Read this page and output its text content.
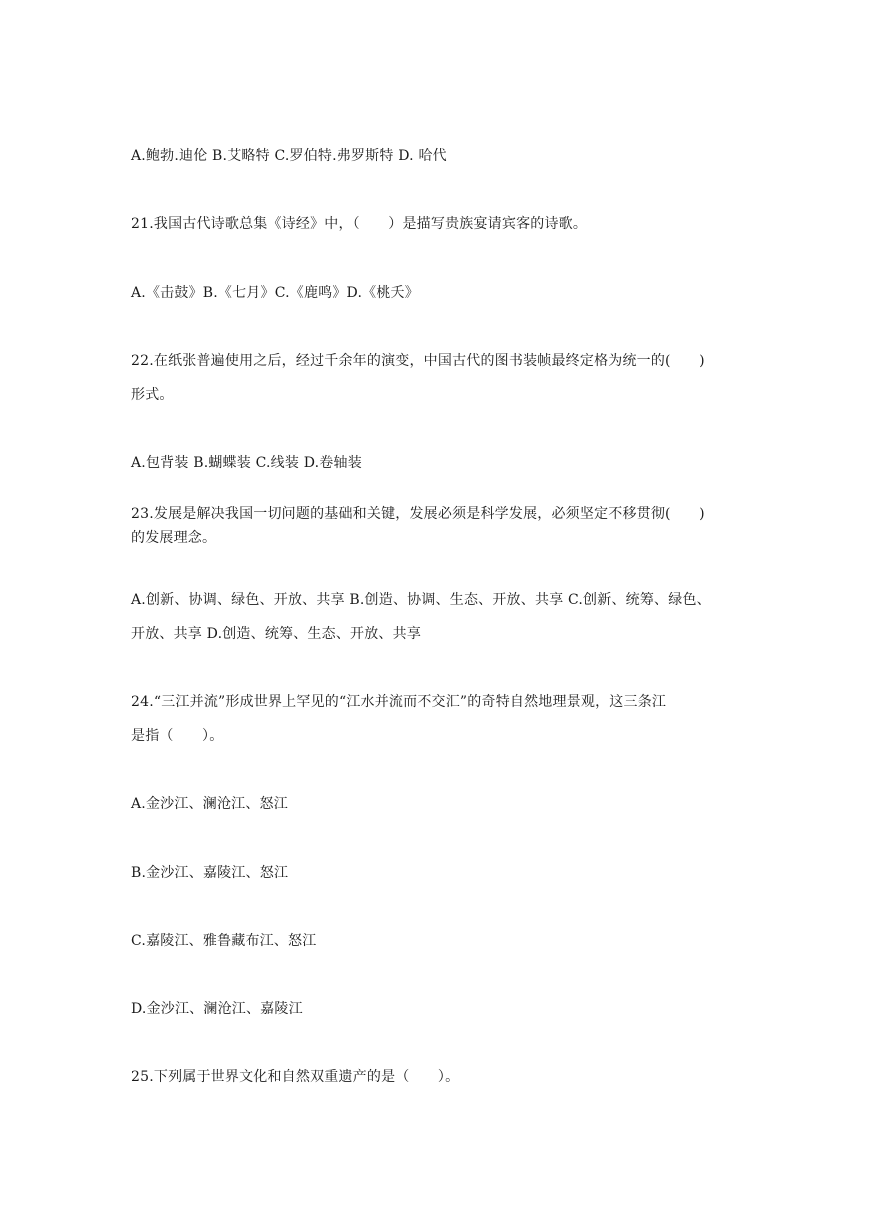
A.鲍勃.迪伦 B.艾略特 C.罗伯特.弗罗斯特 D. 哈代
21.我国古代诗歌总集《诗经》中，（　　）是描写贵族宴请宾客的诗歌。
A.《击鼓》B.《七月》C.《鹿鸣》D.《桃夭》
22.在纸张普遍使用之后，经过千余年的演变，中国古代的图书装帧最终定格为统一的(　　)
形式。
A.包背装 B.蝴蝶装 C.线装 D.卷轴装
23.发展是解决我国一切问题的基础和关键，发展必须是科学发展，必须坚定不移贯彻(　　)
的发展理念。
A.创新、协调、绿色、开放、共享 B.创造、协调、生态、开放、共享 C.创新、统筹、绿色、
开放、共享 D.创造、统筹、生态、开放、共享
24.“三江并流”形成世界上罕见的“江水并流而不交汇”的奇特自然地理景观，这三条江
是指（　　）。
A.金沙江、澜沧江、怒江
B.金沙江、嘉陵江、怒江
C.嘉陵江、雅鲁藏布江、怒江
D.金沙江、澜沧江、嘉陵江
25.下列属于世界文化和自然双重遗产的是（　　）。
